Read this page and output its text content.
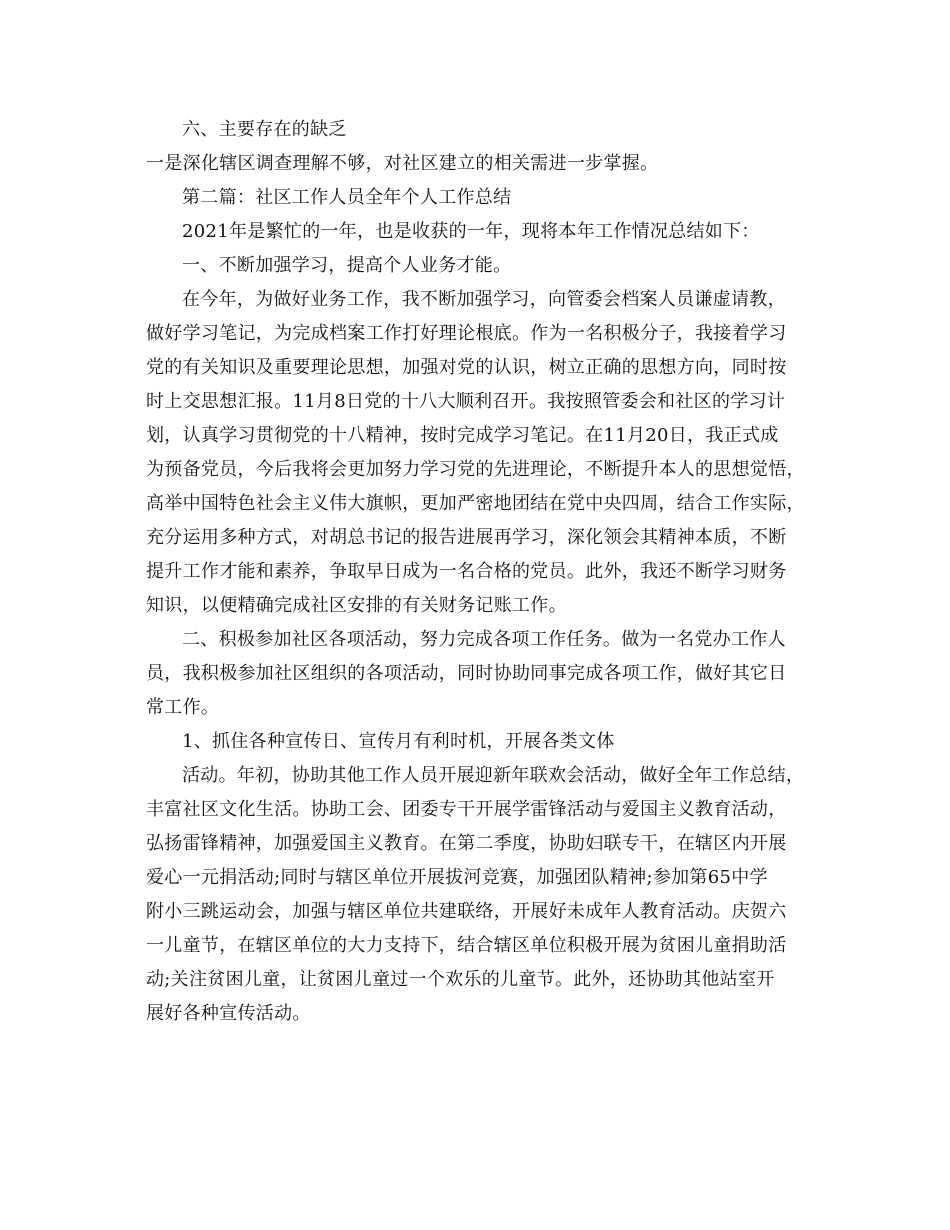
六、主要存在的缺乏
一是深化辖区调查理解不够，对社区建立的相关需进一步掌握。
第二篇：社区工作人员全年个人工作总结
2021年是繁忙的一年，也是收获的一年，现将本年工作情况总结如下：
一、不断加强学习，提高个人业务才能。
在今年，为做好业务工作，我不断加强学习，向管委会档案人员谦虚请教，
做好学习笔记，为完成档案工作打好理论根底。作为一名积极分子，我接着学习
党的有关知识及重要理论思想，加强对党的认识，树立正确的思想方向，同时按
时上交思想汇报。11月8日党的十八大顺利召开。我按照管委会和社区的学习计
划，认真学习贯彻党的十八精神，按时完成学习笔记。在11月20日，我正式成
为预备党员，今后我将会更加努力学习党的先进理论，不断提升本人的思想觉悟，
高举中国特色社会主义伟大旗帜，更加严密地团结在党中央四周，结合工作实际，
充分运用多种方式，对胡总书记的报告进展再学习，深化领会其精神本质，不断
提升工作才能和素养，争取早日成为一名合格的党员。此外，我还不断学习财务
知识，以便精确完成社区安排的有关财务记账工作。
二、积极参加社区各项活动，努力完成各项工作任务。做为一名党办工作人
员，我积极参加社区组织的各项活动，同时协助同事完成各项工作，做好其它日
常工作。
1、抓住各种宣传日、宣传月有利时机，开展各类文体
活动。年初，协助其他工作人员开展迎新年联欢会活动，做好全年工作总结，
丰富社区文化生活。协助工会、团委专干开展学雷锋活动与爱国主义教育活动，
弘扬雷锋精神，加强爱国主义教育。在第二季度，协助妇联专干，在辖区内开展
爱心一元捐活动;同时与辖区单位开展拔河竞赛，加强团队精神;参加第65中学
附小三跳运动会，加强与辖区单位共建联络，开展好未成年人教育活动。庆贺六
一儿童节，在辖区单位的大力支持下，结合辖区单位积极开展为贫困儿童捐助活
动;关注贫困儿童，让贫困儿童过一个欢乐的儿童节。此外，还协助其他站室开
展好各种宣传活动。
